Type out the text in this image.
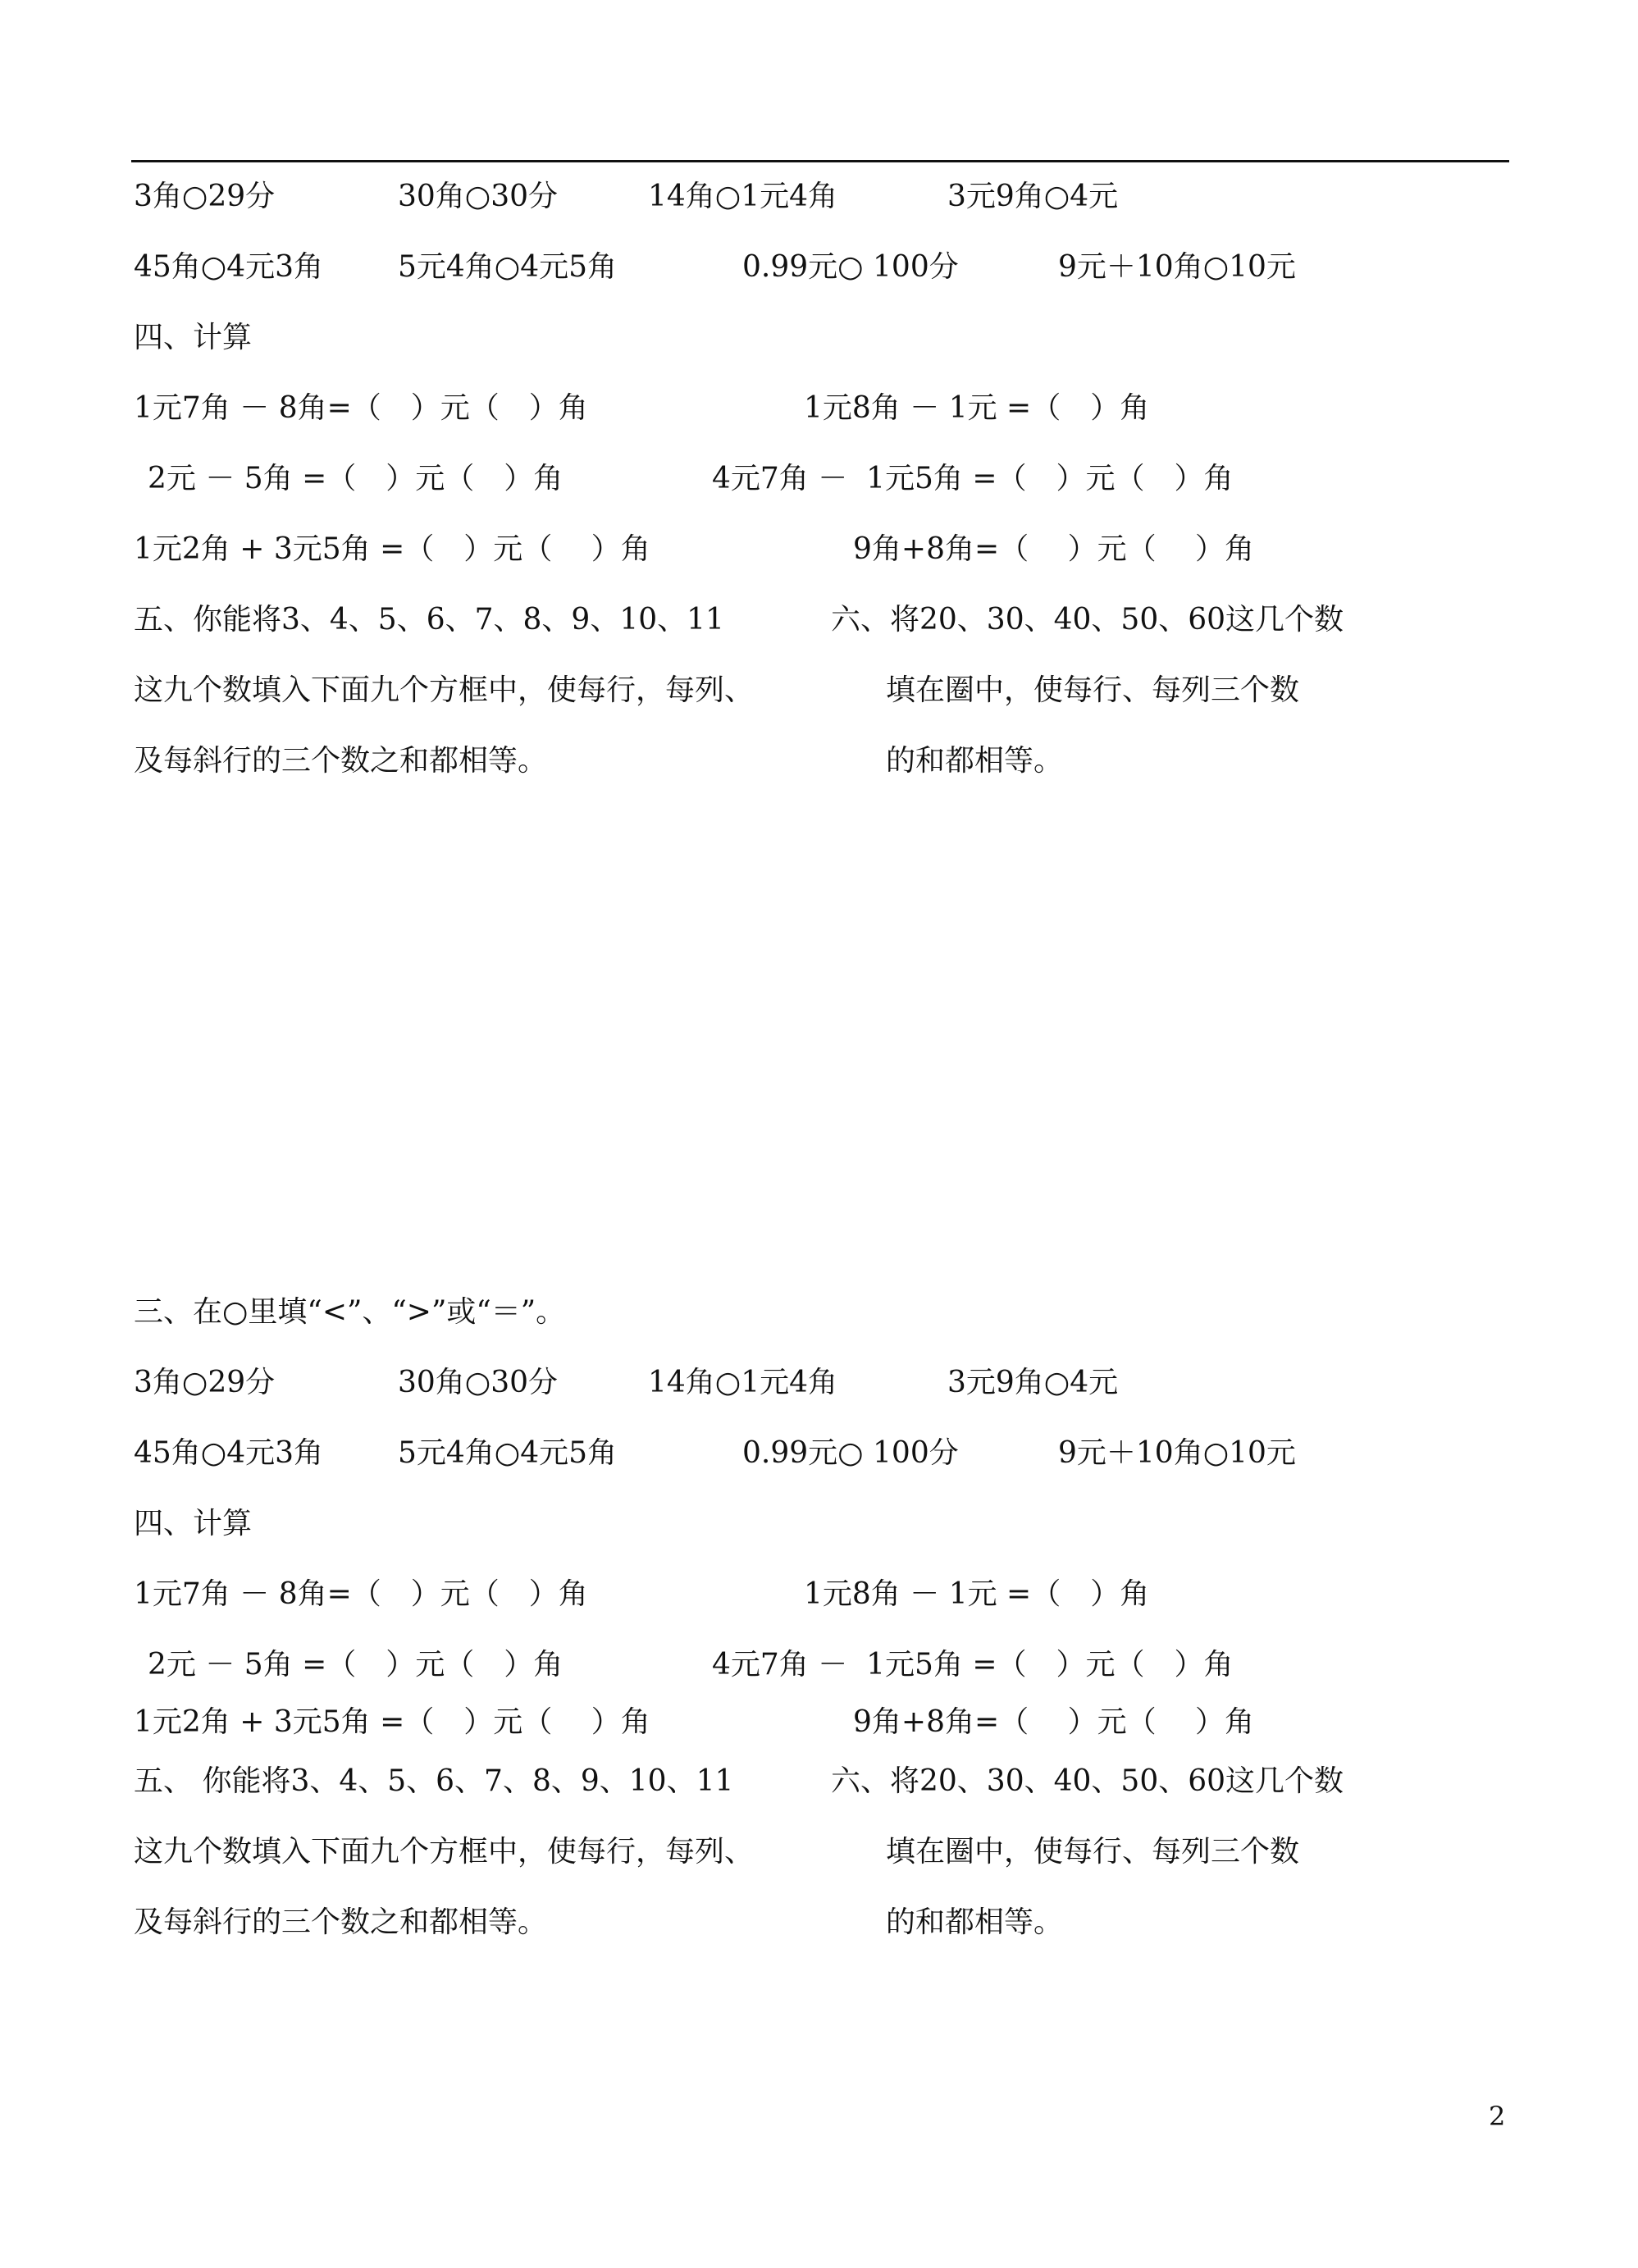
3角○29分	30角○30分	14角○1元4角	3元9角○4元
45角○4元3角	5元4角○4元5角	0.99元○ 100分	9元＋10角○10元
四、计算
1元7角 － 8角=（　）元（　）角	1元8角 － 1元 =（　）角
2元 － 5角 =（　）元（　）角	4元7角 －  1元5角 =（　）元（　）角
1元2角 + 3元5角 =（　）元（　 ）角	9角+8角=（　 ）元（　 ）角
五、你能将3、4、5、6、7、8、9、10、11
这九个数填入下面九个方框中，使每行，每列、
及每斜行的三个数之和都相等。
六、将20、30、40、50、60这几个数
填在圈中，使每行、每列三个数
的和都相等。
三、在○里填“<”、“>”或“＝”。
3角○29分	30角○30分	14角○1元4角	3元9角○4元
45角○4元3角	5元4角○4元5角	0.99元○ 100分	9元＋10角○10元
四、计算
1元7角 － 8角=（　）元（　）角	1元8角 － 1元 =（　）角
2元 － 5角 =（　）元（　）角	4元7角 －  1元5角 =（　）元（　）角
1元2角 + 3元5角 =（　）元（　 ）角	9角+8角=（　 ）元（　 ）角
五、 你能将3、4、5、6、7、8、9、10、11
这九个数填入下面九个方框中，使每行，每列、
及每斜行的三个数之和都相等。
六、将20、30、40、50、60这几个数
填在圈中，使每行、每列三个数
的和都相等。
2
